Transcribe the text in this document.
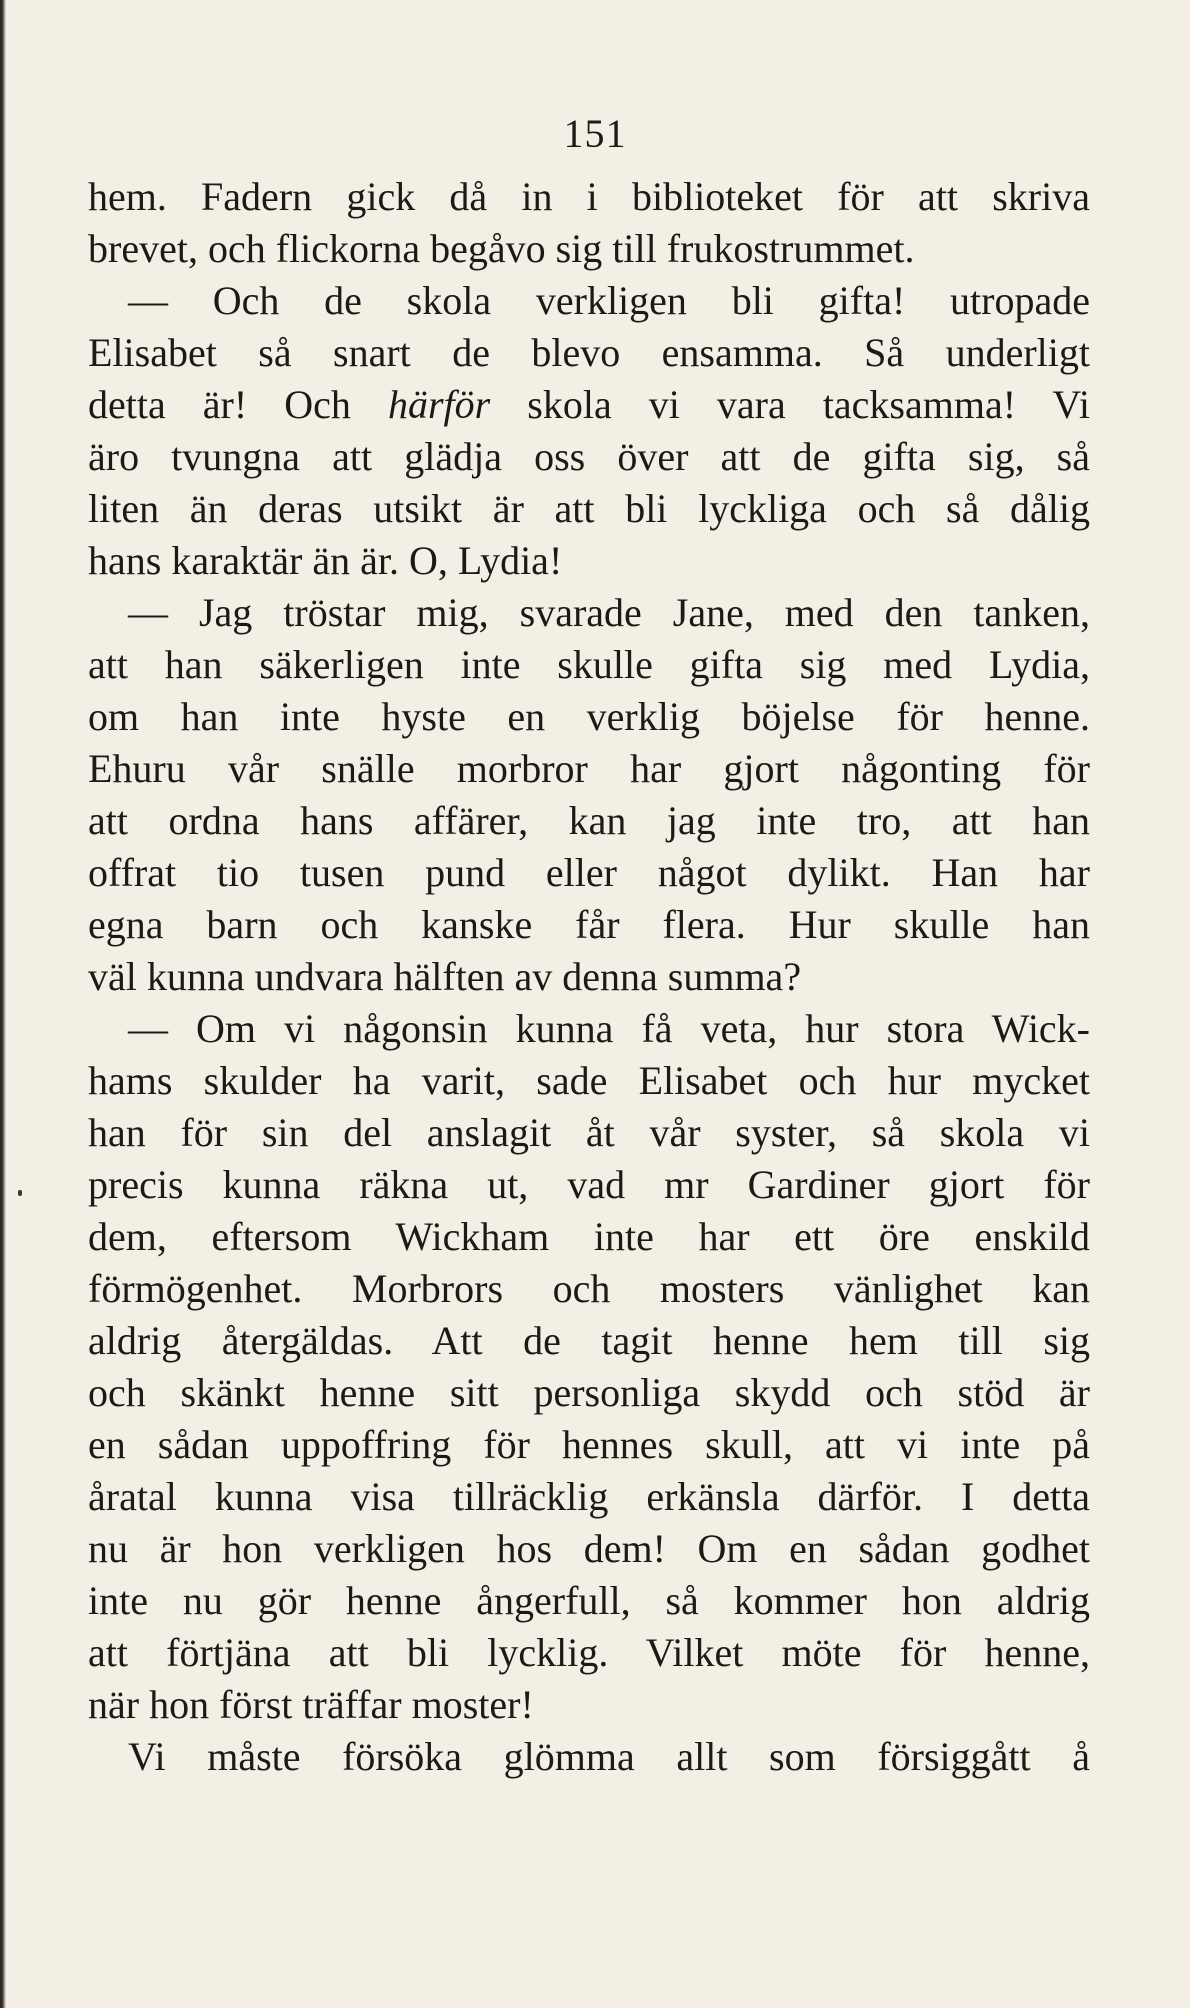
151
hem. Fadern gick då in i biblioteket för att skriva
brevet, och flickorna begåvo sig till frukostrummet.
— Och de skola verkligen bli gifta! utropade
Elisabet så snart de blevo ensamma. Så underligt
detta är! Och härför skola vi vara tacksamma! Vi
äro tvungna att glädja oss över att de gifta sig, så
liten än deras utsikt är att bli lyckliga och så dålig
hans karaktär än är. O, Lydia!
— Jag tröstar mig, svarade Jane, med den tanken,
att han säkerligen inte skulle gifta sig med Lydia,
om han inte hyste en verklig böjelse för henne.
Ehuru vår snälle morbror har gjort någonting för
att ordna hans affärer, kan jag inte tro, att han
offrat tio tusen pund eller något dylikt. Han har
egna barn och kanske får flera. Hur skulle han
väl kunna undvara hälften av denna summa?
— Om vi någonsin kunna få veta, hur stora Wick-
hams skulder ha varit, sade Elisabet och hur mycket
han för sin del anslagit åt vår syster, så skola vi
precis kunna räkna ut, vad mr Gardiner gjort för
dem, eftersom Wickham inte har ett öre enskild
förmögenhet. Morbrors och mosters vänlighet kan
aldrig återgäldas. Att de tagit henne hem till sig
och skänkt henne sitt personliga skydd och stöd är
en sådan uppoffring för hennes skull, att vi inte på
åratal kunna visa tillräcklig erkänsla därför. I detta
nu är hon verkligen hos dem! Om en sådan godhet
inte nu gör henne ångerfull, så kommer hon aldrig
att förtjäna att bli lycklig. Vilket möte för henne,
när hon först träffar moster!
Vi måste försöka glömma allt som försiggått å
